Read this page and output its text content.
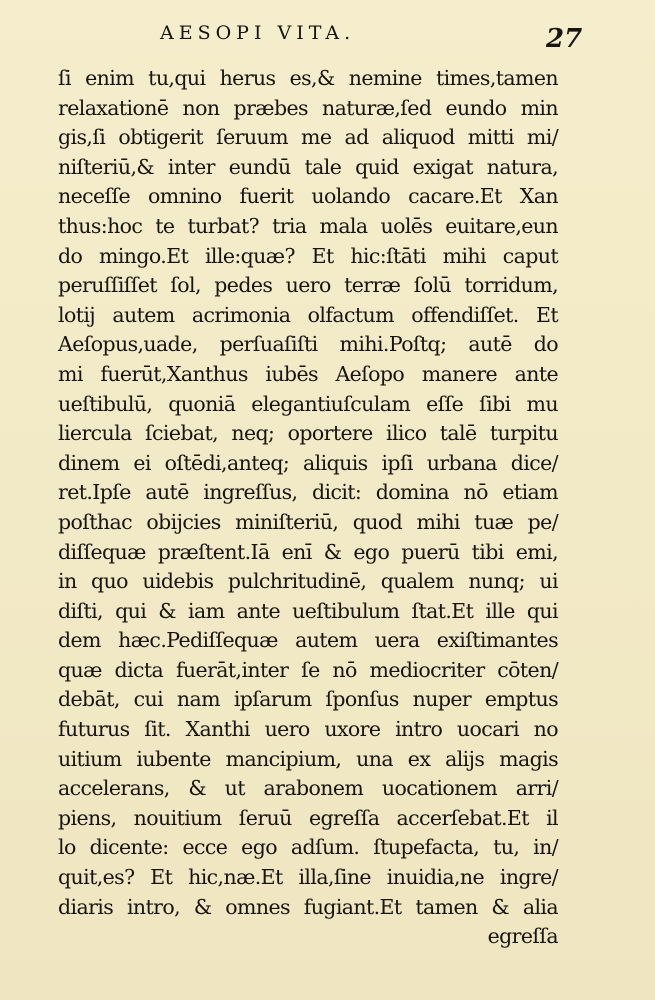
AESOPI VITA.	27
ſi enim tu,qui herus es,& nemine times,tamen
relaxationē non præbes naturæ,ſed eundo min
gis,ſi obtigerit ſeruum me ad aliquod mitti mi/
niſteriū,& inter eundū tale quid exigat natura,
neceſſe omnino fuerit uolando cacare.Et Xan
thus:hoc te turbat? tria mala uolēs euitare,eun
do mingo.Et ille:quæ? Et hic:ſtāti mihi caput
peruſſiſſet ſol, pedes uero terræ ſolū torridum,
lotij autem acrimonia olfactum offendiſſet. Et
Aeſopus,uade, perſuaſiſti mihi.Poſtq; autē do
mi fuerūt,Xanthus iubēs Aeſopo manere ante
ueſtibulū, quoniā elegantiuſculam eſſe ſibi mu
liercula ſciebat, neq; oportere ilico talē turpitu
dinem ei oſtēdi,anteq; aliquis ipſi urbana dice/
ret.Ipſe autē ingreſſus, dicit: domina nō etiam
poſthac obijcies miniſteriū, quod mihi tuæ pe/
diſſequæ præſtent.Iā enī & ego puerū tibi emi,
in quo uidebis pulchritudinē, qualem nunq; ui
diſti, qui & iam ante ueſtibulum ſtat.Et ille qui
dem hæc.Pediſſequæ autem uera exiſtimantes
quæ dicta fuerāt,inter ſe nō mediocriter cōten/
debāt, cui nam ipſarum ſponſus nuper emptus
futurus ſit. Xanthi uero uxore intro uocari no
uitium iubente mancipium, una ex alijs magis
accelerans, & ut arabonem uocationem arri/
piens, nouitium ſeruū egreſſa accerſebat.Et il
lo dicente: ecce ego adſum. ſtupefacta, tu, in/
quit,es? Et hic,næ.Et illa,ſine inuidia,ne ingre/
diaris intro, & omnes fugiant.Et tamen & alia
egreſſa
